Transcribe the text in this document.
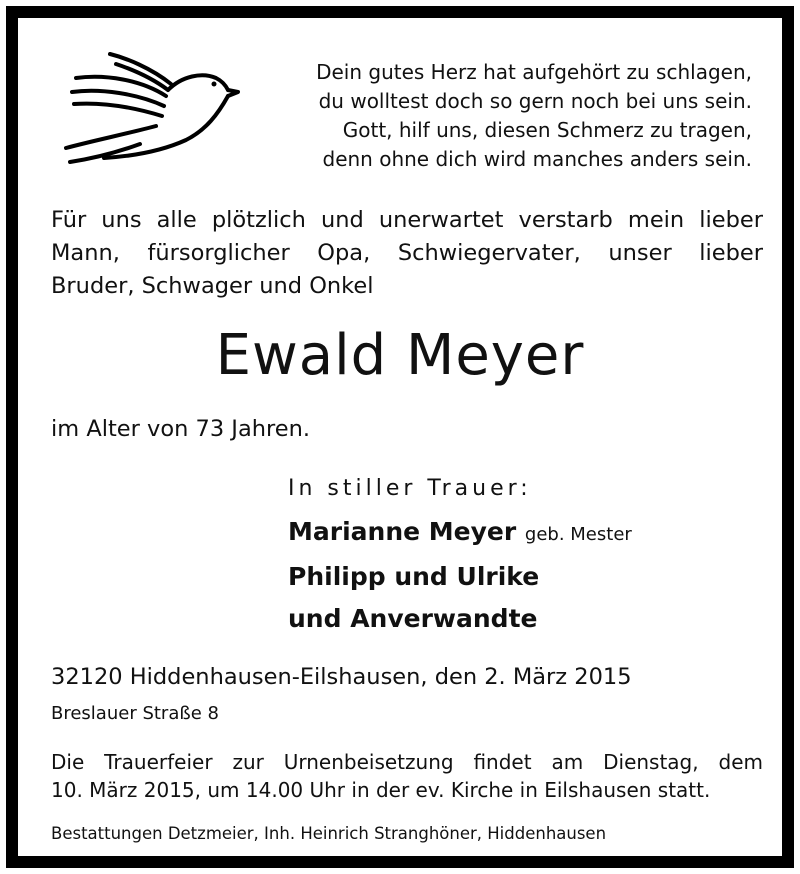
Dein gutes Herz hat aufgehört zu schlagen,
du wolltest doch so gern noch bei uns sein.
Gott, hilf uns, diesen Schmerz zu tragen,
denn ohne dich wird manches anders sein.
Für uns alle plötzlich und unerwartet verstarb mein lieber
Mann, fürsorglicher Opa, Schwiegervater, unser lieber
Bruder, Schwager und Onkel
Ewald Meyer
im Alter von 73 Jahren.
In stiller Trauer:
Marianne Meyer geb. Mester
Philipp und Ulrike
und Anverwandte
32120 Hiddenhausen-Eilshausen, den 2. März 2015
Breslauer Straße 8
Die Trauerfeier zur Urnenbeisetzung findet am Dienstag, dem
10. März 2015, um 14.00 Uhr in der ev. Kirche in Eilshausen statt.
Bestattungen Detzmeier, Inh. Heinrich Stranghöner, Hiddenhausen
